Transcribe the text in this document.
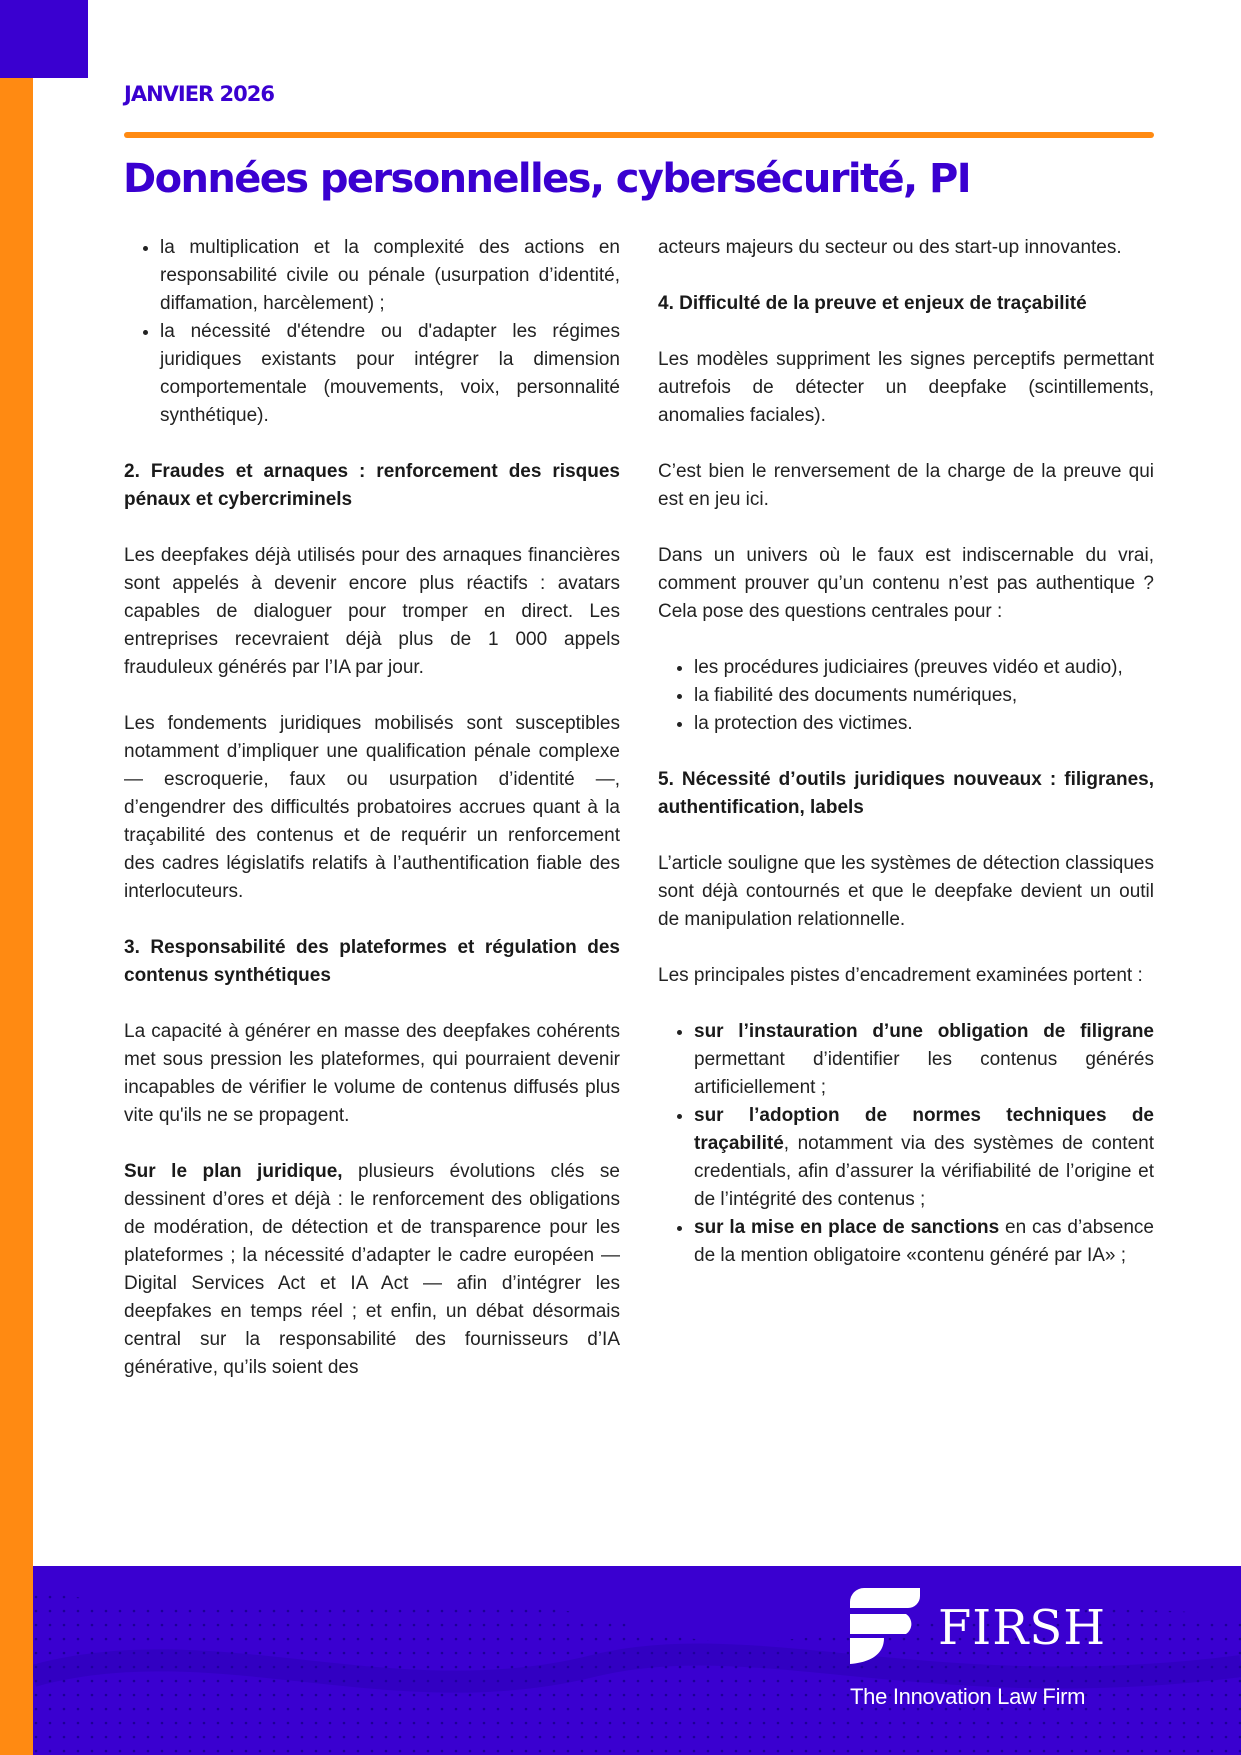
JANVIER 2026
Données personnelles, cybersécurité, PI
• la multiplication et la complexité des actions en responsabilité civile ou pénale (usurpation d’identité, diffamation, harcèlement) ;
• la nécessité d'étendre ou d'adapter les régimes juridiques existants pour intégrer la dimension comportementale (mouvements, voix, personnalité synthétique).
2. Fraudes et arnaques : renforcement des risques pénaux et cybercriminels

Les deepfakes déjà utilisés pour des arnaques financières sont appelés à devenir encore plus réactifs : avatars capables de dialoguer pour tromper en direct. Les entreprises recevraient déjà plus de 1 000 appels frauduleux générés par l’IA par jour.

Les fondements juridiques mobilisés sont susceptibles notamment d’impliquer une qualification pénale complexe — escroquerie, faux ou usurpation d’identité —, d’engendrer des difficultés probatoires accrues quant à la traçabilité des contenus et de requérir un renforcement des cadres législatifs relatifs à l’authentification fiable des interlocuteurs.

3. Responsabilité des plateformes et régulation des contenus synthétiques

La capacité à générer en masse des deepfakes cohérents met sous pression les plateformes, qui pourraient devenir incapables de vérifier le volume de contenus diffusés plus vite qu'ils ne se propagent.

Sur le plan juridique, plusieurs évolutions clés se dessinent d’ores et déjà : le renforcement des obligations de modération, de détection et de transparence pour les plateformes ; la nécessité d’adapter le cadre européen — Digital Services Act et IA Act — afin d’intégrer les deepfakes en temps réel ; et enfin, un débat désormais central sur la responsabilité des fournisseurs d’IA générative, qu’ils soient des

acteurs majeurs du secteur ou des start-up innovantes.

4. Difficulté de la preuve et enjeux de traçabilité

Les modèles suppriment les signes perceptifs permettant autrefois de détecter un deepfake (scintillements, anomalies faciales).

C’est bien le renversement de la charge de la preuve qui est en jeu ici.

Dans un univers où le faux est indiscernable du vrai, comment prouver qu’un contenu n’est pas authentique ? Cela pose des questions centrales pour :

• les procédures judiciaires (preuves vidéo et audio),
• la fiabilité des documents numériques,
• la protection des victimes.
5. Nécessité d’outils juridiques nouveaux : filigranes, authentification, labels

L’article souligne que les systèmes de détection classiques sont déjà contournés et que le deepfake devient un outil de manipulation relationnelle.

Les principales pistes d’encadrement examinées portent :

• sur l’instauration d’une obligation de filigrane permettant d’identifier les contenus générés artificiellement ;
• sur l’adoption de normes techniques de traçabilité, notamment via des systèmes de content credentials, afin d’assurer la vérifiabilité de l’origine et de l’intégrité des contenus ;
• sur la mise en place de sanctions en cas d’absence de la mention obligatoire «contenu généré par IA» ;
FIRSH
The Innovation Law Firm
